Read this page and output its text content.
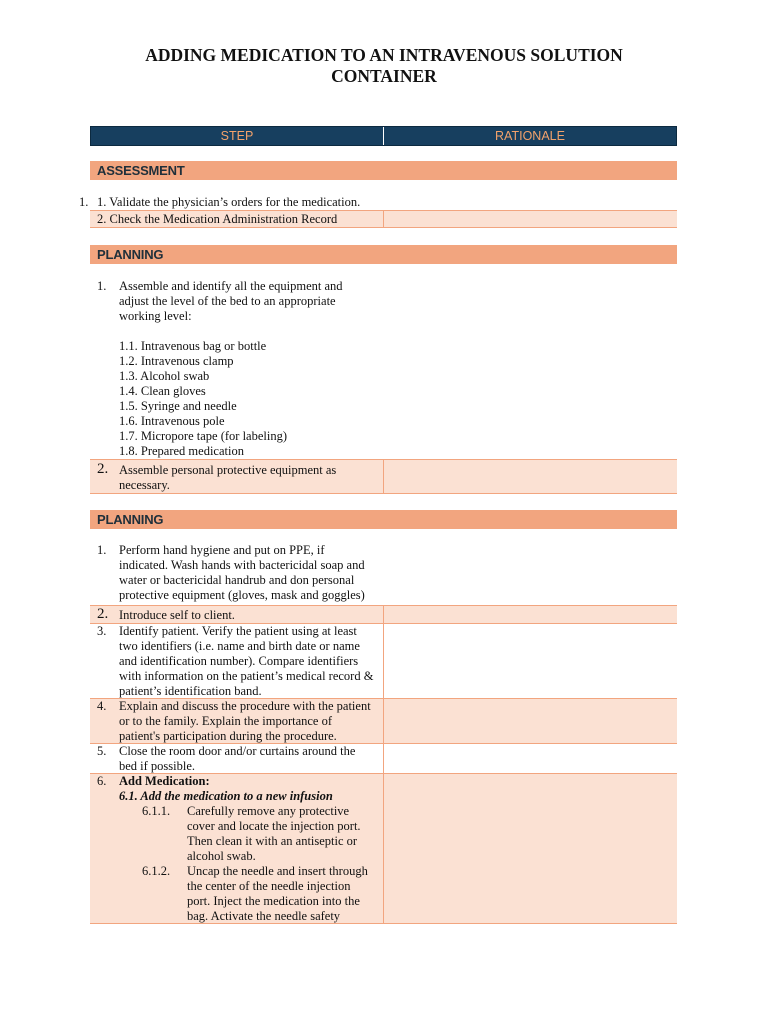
ADDING MEDICATION TO AN INTRAVENOUS SOLUTION
CONTAINER
STEP	RATIONALE
ASSESSMENT
1. 1. Validate the physician’s orders for the medication.
2. Check the Medication Administration Record
PLANNING
1. Assemble and identify all the equipment and
adjust the level of the bed to an appropriate
working level:
1.1. Intravenous bag or bottle
1.2. Intravenous clamp
1.3. Alcohol swab
1.4. Clean gloves
1.5. Syringe and needle
1.6. Intravenous pole
1.7. Micropore tape (for labeling)
1.8. Prepared medication
2. Assemble personal protective equipment as
necessary.
PLANNING
1. Perform hand hygiene and put on PPE, if
indicated. Wash hands with bactericidal soap and
water or bactericidal handrub and don personal
protective equipment (gloves, mask and goggles)
2. Introduce self to client.
3. Identify patient. Verify the patient using at least
two identifiers (i.e. name and birth date or name
and identification number). Compare identifiers
with information on the patient’s medical record &
patient’s identification band.
4. Explain and discuss the procedure with the patient
or to the family. Explain the importance of
patient's participation during the procedure.
5. Close the room door and/or curtains around the
bed if possible.
6. Add Medication:
6.1. Add the medication to a new infusion
6.1.1. Carefully remove any protective
cover and locate the injection port.
Then clean it with an antiseptic or
alcohol swab.
6.1.2. Uncap the needle and insert through
the center of the needle injection
port. Inject the medication into the
bag. Activate the needle safety
